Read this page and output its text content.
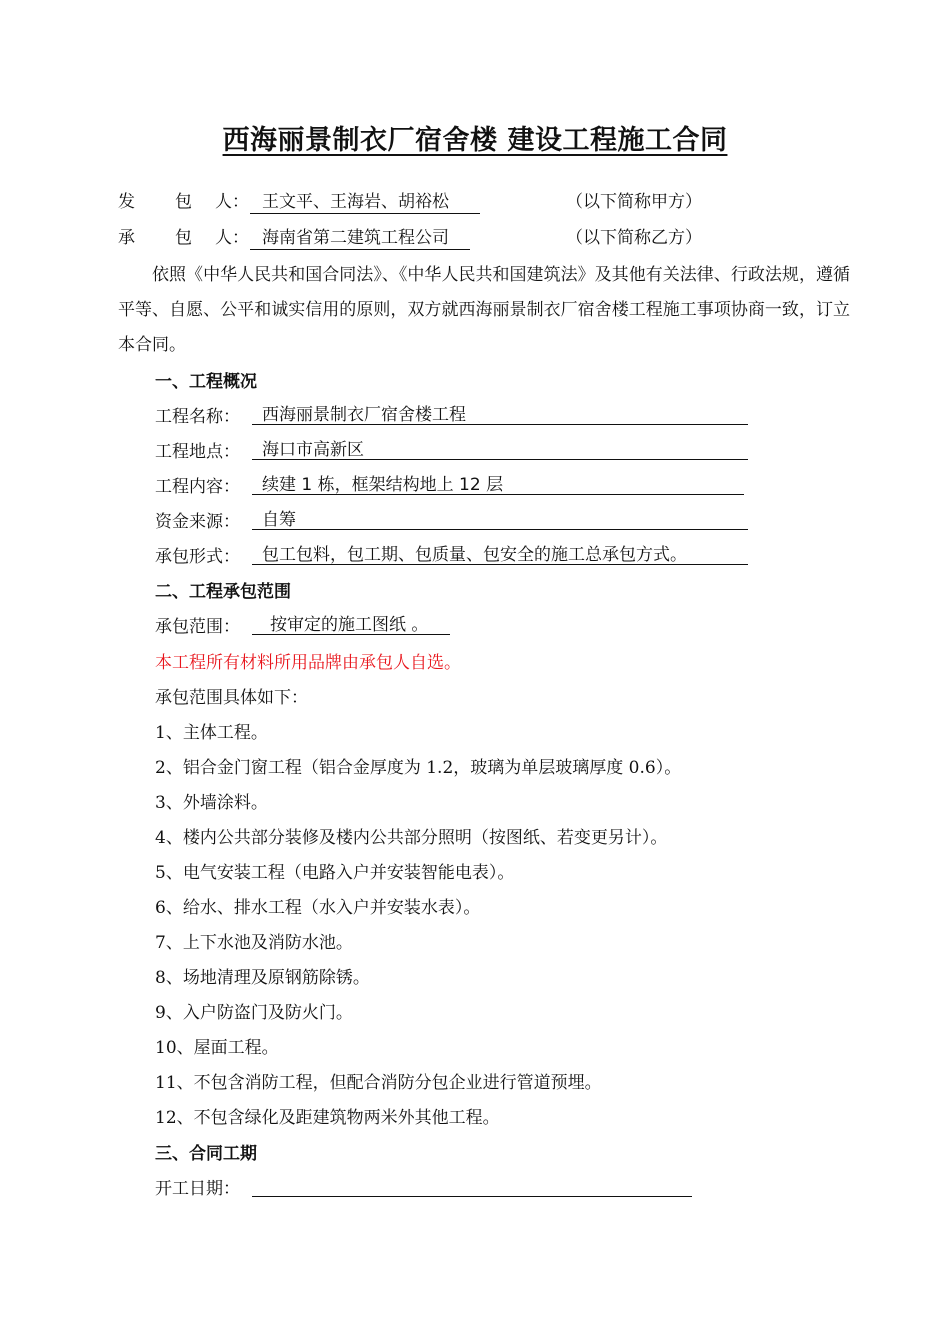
西海丽景制衣厂宿舍楼 建设工程施工合同
发 包 人： 王文平、王海岩、胡裕松	（以下简称甲方）
承 包 人： 海南省第二建筑工程公司	（以下简称乙方）
依照《中华人民共和国合同法》、《中华人民共和国建筑法》及其他有关法律、行政法规，遵循平等、自愿、公平和诚实信用的原则，双方就西海丽景制衣厂宿舍楼工程施工事项协商一致，订立本合同。
一、工程概况
工程名称：	西海丽景制衣厂宿舍楼工程
工程地点：	海口市高新区
工程内容：	续建 1 栋，框架结构地上 12 层
资金来源：	自筹
承包形式：	包工包料，包工期、包质量、包安全的施工总承包方式。
二、工程承包范围
承包范围：	按审定的施工图纸 。
本工程所有材料所用品牌由承包人自选。
承包范围具体如下：
1、主体工程。
2、铝合金门窗工程（铝合金厚度为 1.2，玻璃为单层玻璃厚度 0.6）。
3、外墙涂料。
4、楼内公共部分装修及楼内公共部分照明（按图纸、若变更另计）。
5、电气安装工程（电路入户并安装智能电表）。
6、给水、排水工程（水入户并安装水表）。
7、上下水池及消防水池。
8、场地清理及原钢筋除锈。
9、入户防盗门及防火门。
10、屋面工程。
11、不包含消防工程，但配合消防分包企业进行管道预埋。
12、不包含绿化及距建筑物两米外其他工程。
三、合同工期
开工日期：
